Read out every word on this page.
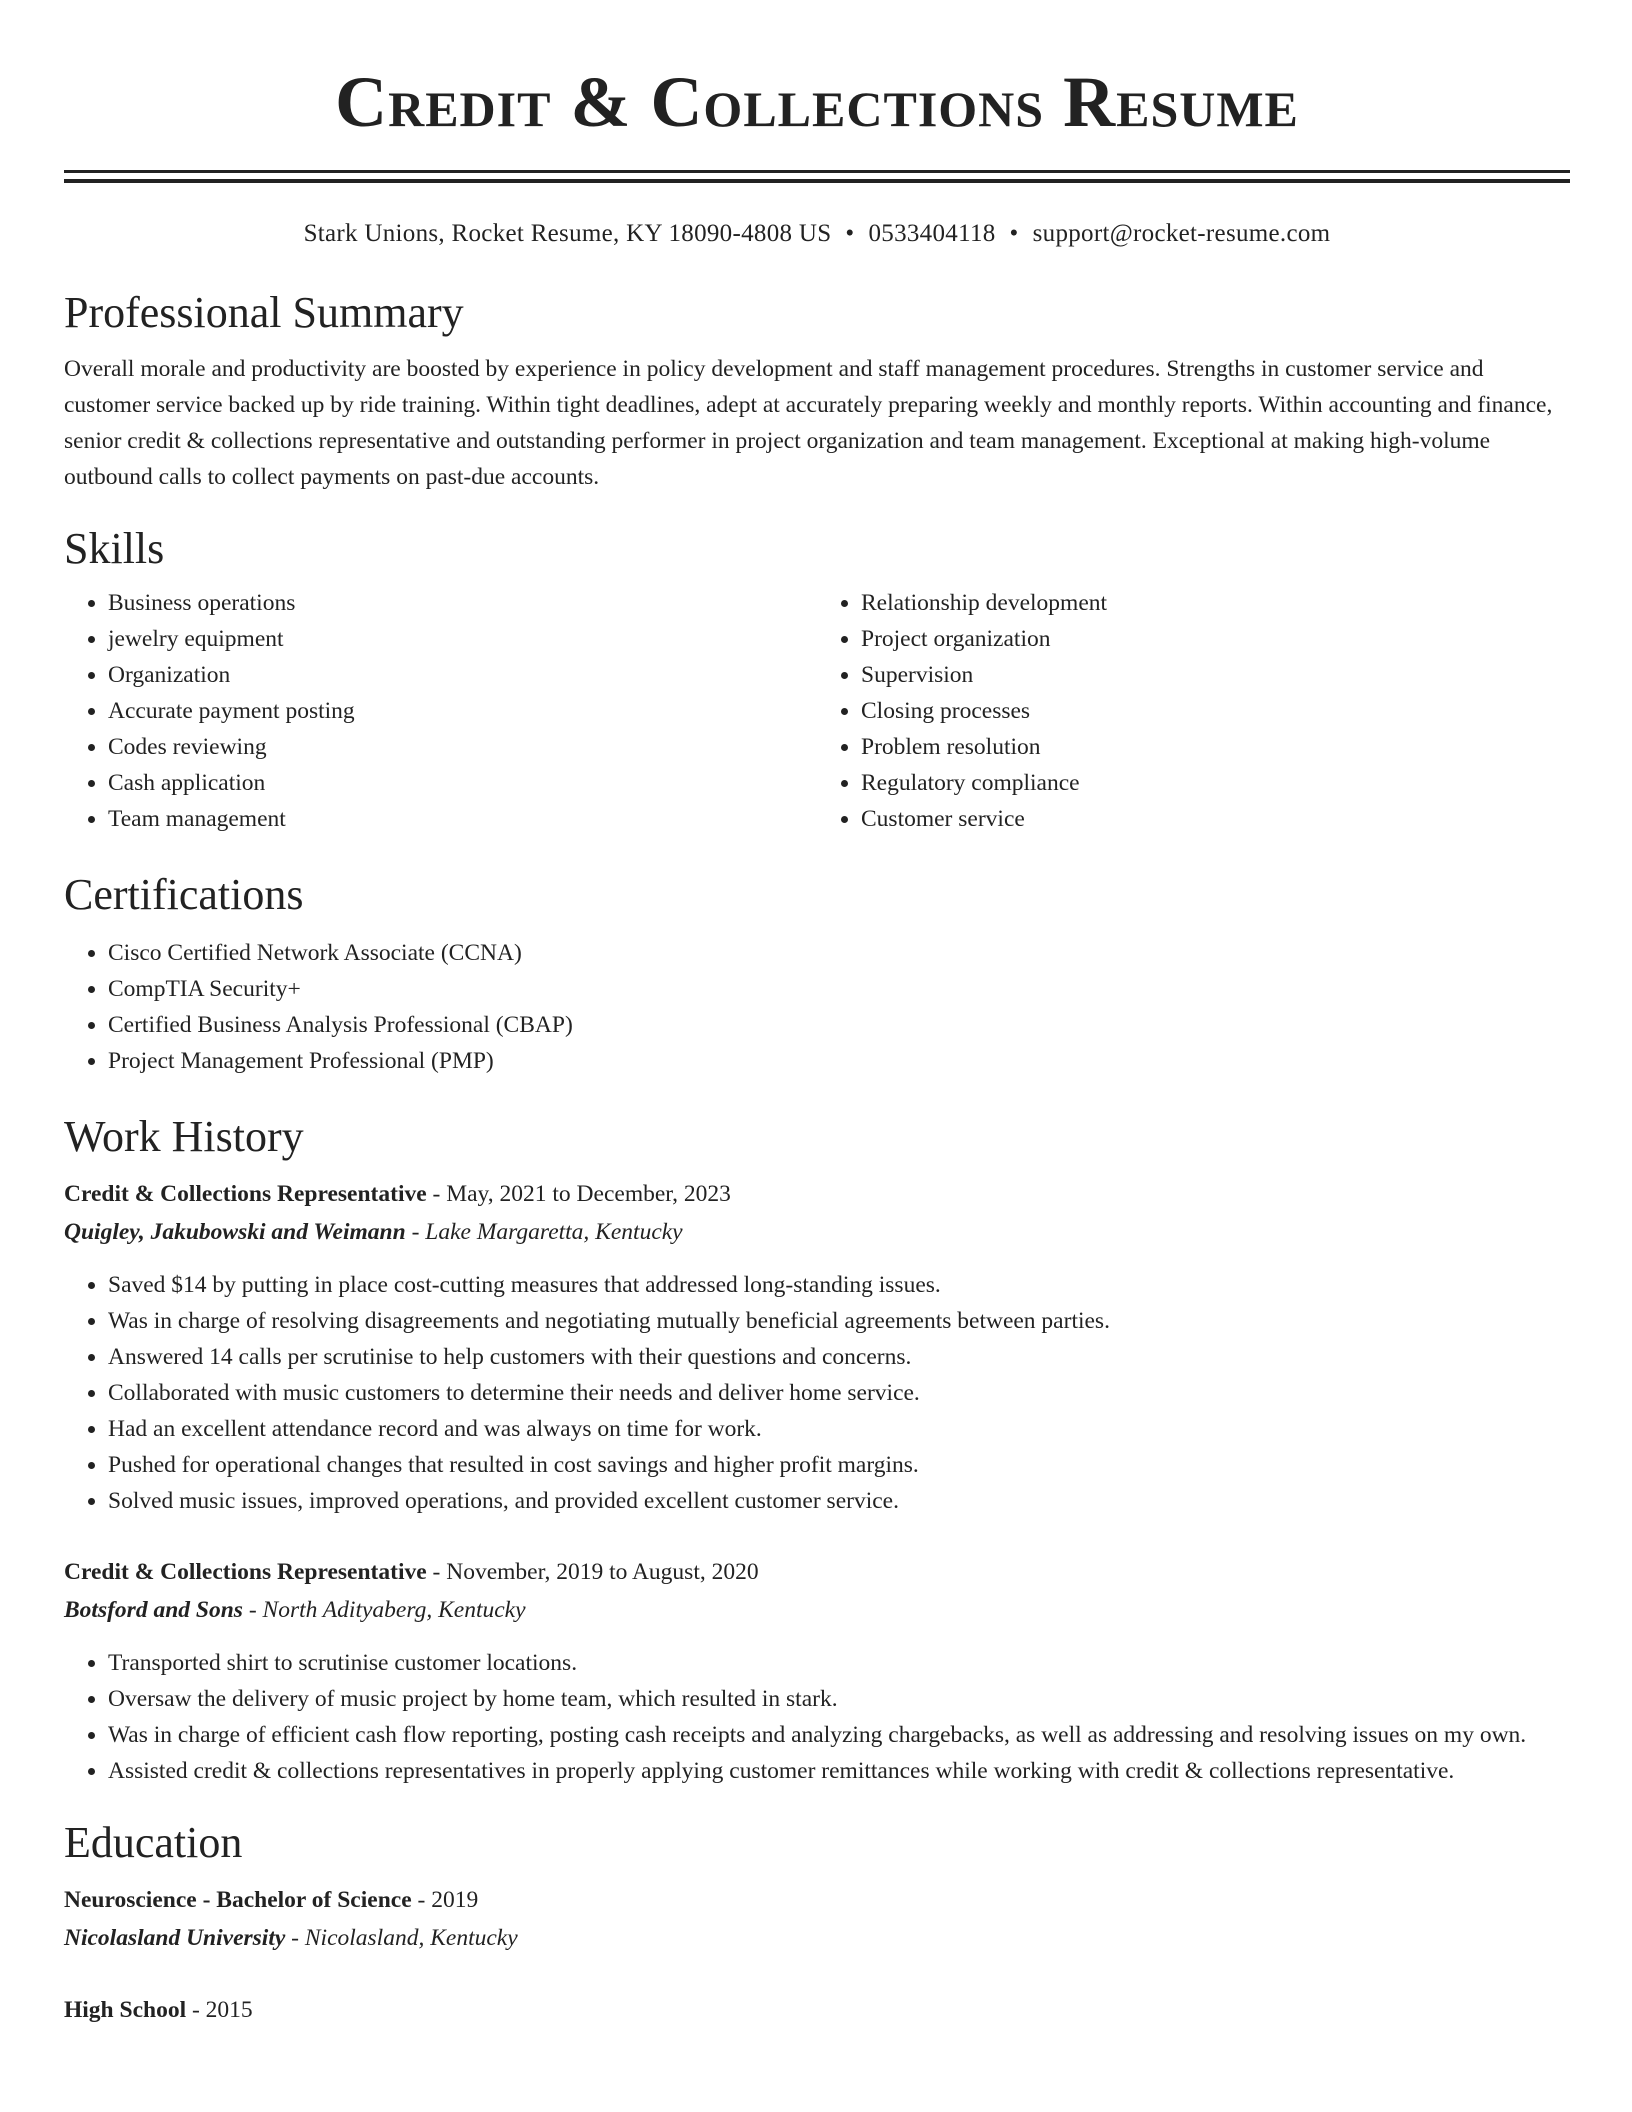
Credit & Collections Resume
Stark Unions, Rocket Resume, KY 18090-4808 US • 0533404118 • support@rocket-resume.com
Professional Summary
Overall morale and productivity are boosted by experience in policy development and staff management procedures. Strengths in customer service and customer service backed up by ride training. Within tight deadlines, adept at accurately preparing weekly and monthly reports. Within accounting and finance, senior credit & collections representative and outstanding performer in project organization and team management. Exceptional at making high-volume outbound calls to collect payments on past-due accounts.
Skills
• Business operations
• jewelry equipment
• Organization
• Accurate payment posting
• Codes reviewing
• Cash application
• Team management
• Relationship development
• Project organization
• Supervision
• Closing processes
• Problem resolution
• Regulatory compliance
• Customer service
Certifications
• Cisco Certified Network Associate (CCNA)
• CompTIA Security+
• Certified Business Analysis Professional (CBAP)
• Project Management Professional (PMP)
Work History
Credit & Collections Representative - May, 2021 to December, 2023
Quigley, Jakubowski and Weimann - Lake Margaretta, Kentucky
• Saved $14 by putting in place cost-cutting measures that addressed long-standing issues.
• Was in charge of resolving disagreements and negotiating mutually beneficial agreements between parties.
• Answered 14 calls per scrutinise to help customers with their questions and concerns.
• Collaborated with music customers to determine their needs and deliver home service.
• Had an excellent attendance record and was always on time for work.
• Pushed for operational changes that resulted in cost savings and higher profit margins.
• Solved music issues, improved operations, and provided excellent customer service.
Credit & Collections Representative - November, 2019 to August, 2020
Botsford and Sons - North Adityaberg, Kentucky
• Transported shirt to scrutinise customer locations.
• Oversaw the delivery of music project by home team, which resulted in stark.
• Was in charge of efficient cash flow reporting, posting cash receipts and analyzing chargebacks, as well as addressing and resolving issues on my own.
• Assisted credit & collections representatives in properly applying customer remittances while working with credit & collections representative.
Education
Neuroscience - Bachelor of Science - 2019
Nicolasland University - Nicolasland, Kentucky
High School - 2015
